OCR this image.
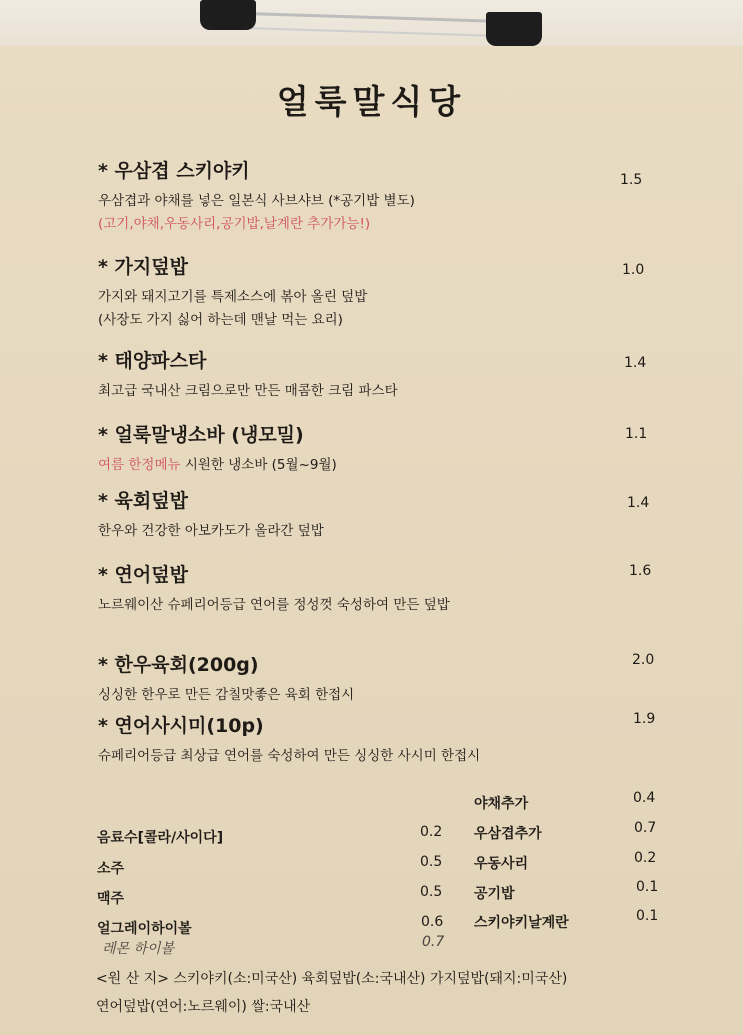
얼룩말식당
* 우삼겹 스키야키
우삼겹과 야채를 넣은 일본식 사브샤브 (*공기밥 별도)
(고기,야채,우동사리,공기밥,날계란 추가가능!)
1.5
* 가지덮밥
가지와 돼지고기를 특제소스에 볶아 올린 덮밥
(사장도 가지 싫어 하는데 맨날 먹는 요리)
1.0
* 태양파스타
최고급 국내산 크림으로만 만든 매콤한 크림 파스타
1.4
* 얼룩말냉소바 (냉모밀)
여름 한정메뉴 시원한 냉소바 (5월~9월)
1.1
* 육회덮밥
한우와 건강한 아보카도가 올라간 덮밥
1.4
* 연어덮밥
노르웨이산 슈페리어등급 연어를 정성껏 숙성하여 만든 덮밥
1.6
* 한우육회(200g)
싱싱한 한우로 만든 감칠맛좋은 육회 한접시
2.0
* 연어사시미(10p)
슈페리어등급 최상급 연어를 숙성하여 만든 싱싱한 사시미 한접시
1.9
음료수[콜라/사이다]	0.2
소주	0.5
맥주	0.5
얼그레이하이볼	0.6
레몬 하이볼	0.7
야채추가	0.4
우삼겹추가	0.7
우동사리	0.2
공기밥	0.1
스키야키날계란	0.1
<원 산 지> 스키야키(소:미국산) 육회덮밥(소:국내산) 가지덮밥(돼지:미국산)
연어덮밥(연어:노르웨이) 쌀:국내산
